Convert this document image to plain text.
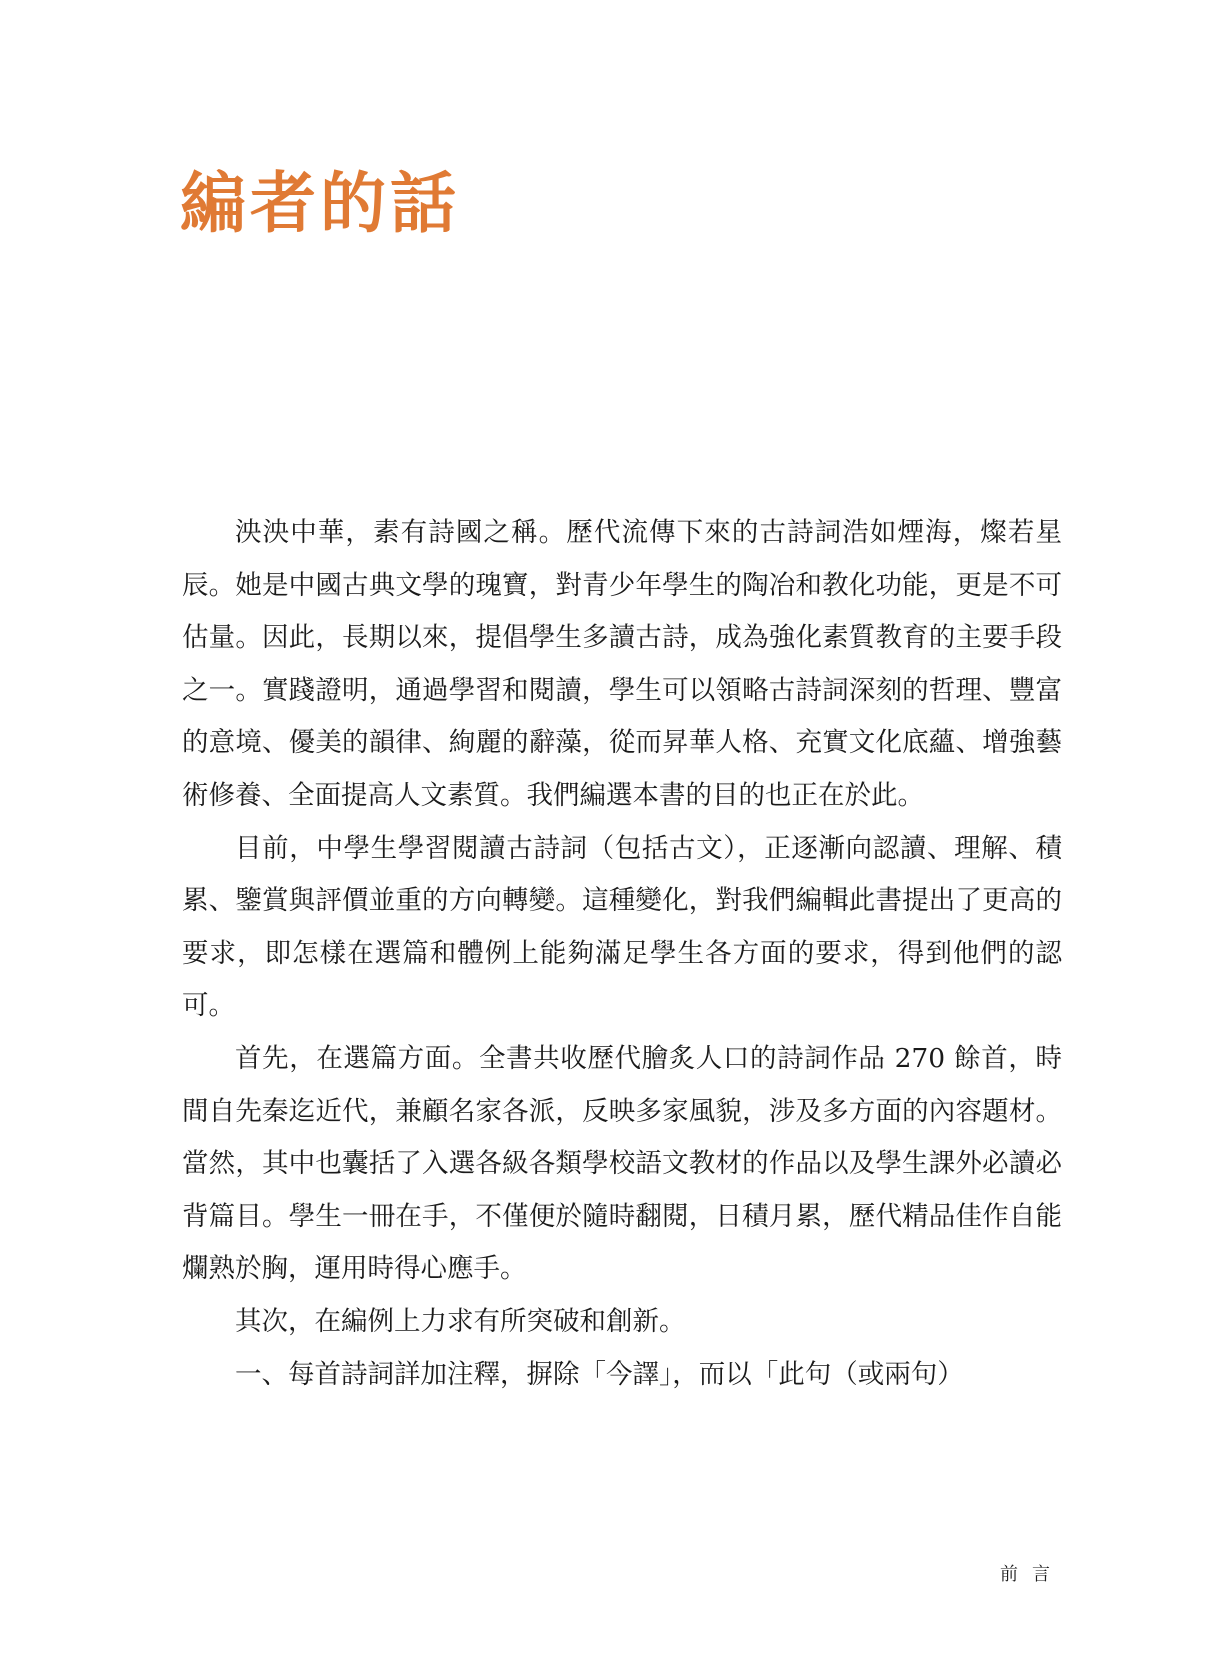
編者的話

泱泱中華，素有詩國之稱。歷代流傳下來的古詩詞浩如煙海，燦若星辰。她是中國古典文學的瑰寶，對青少年學生的陶冶和教化功能，更是不可估量。因此，長期以來，提倡學生多讀古詩，成為強化素質教育的主要手段之一。實踐證明，通過學習和閱讀，學生可以領略古詩詞深刻的哲理、豐富的意境、優美的韻律、絢麗的辭藻，從而昇華人格、充實文化底蘊、增強藝術修養、全面提高人文素質。我們編選本書的目的也正在於此。

目前，中學生學習閱讀古詩詞（包括古文），正逐漸向認讀、理解、積累、鑒賞與評價並重的方向轉變。這種變化，對我們編輯此書提出了更高的要求，即怎樣在選篇和體例上能夠滿足學生各方面的要求，得到他們的認可。

首先，在選篇方面。全書共收歷代膾炙人口的詩詞作品 270 餘首，時間自先秦迄近代，兼顧名家各派，反映多家風貌，涉及多方面的內容題材。當然，其中也囊括了入選各級各類學校語文教材的作品以及學生課外必讀必背篇目。學生一冊在手，不僅便於隨時翻閱，日積月累，歷代精品佳作自能爛熟於胸，運用時得心應手。

其次，在編例上力求有所突破和創新。

一、每首詩詞詳加注釋，摒除「今譯」，而以「此句（或兩句）

前言
